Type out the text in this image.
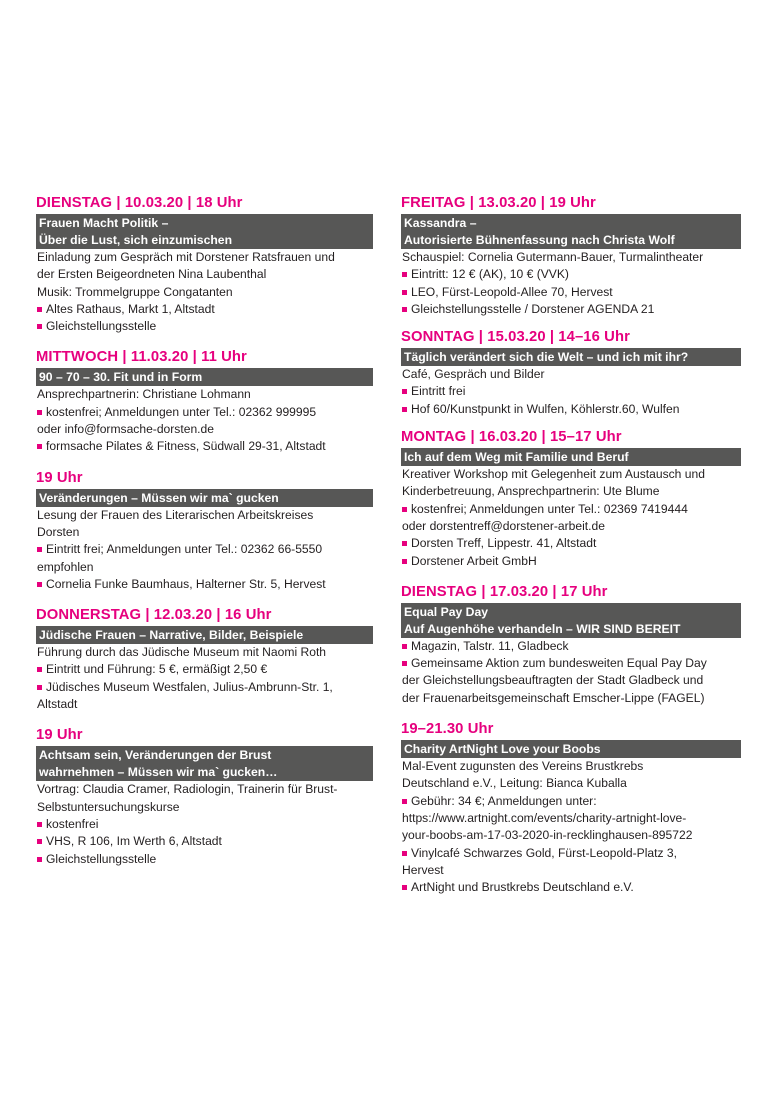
DIENSTAG | 10.03.20 | 18 Uhr
Frauen Macht Politik –
Über die Lust, sich einzumischen
Einladung zum Gespräch mit Dorstener Ratsfrauen und
der Ersten Beigeordneten Nina Laubenthal
Musik: Trommelgruppe Congatanten
Altes Rathaus, Markt 1, Altstadt
Gleichstellungsstelle
MITTWOCH | 11.03.20 | 11 Uhr
90 – 70 – 30. Fit und in Form
Ansprechpartnerin: Christiane Lohmann
kostenfrei; Anmeldungen unter Tel.: 02362 999995
oder info@formsache-dorsten.de
formsache Pilates & Fitness, Südwall 29-31, Altstadt
19 Uhr
Veränderungen – Müssen wir ma` gucken
Lesung der Frauen des Literarischen Arbeitskreises
Dorsten
Eintritt frei; Anmeldungen unter Tel.: 02362 66-5550
empfohlen
Cornelia Funke Baumhaus, Halterner Str. 5, Hervest
DONNERSTAG | 12.03.20 | 16 Uhr
Jüdische Frauen – Narrative, Bilder, Beispiele
Führung durch das Jüdische Museum mit Naomi Roth
Eintritt und Führung: 5 €, ermäßigt 2,50 €
Jüdisches Museum Westfalen, Julius-Ambrunn-Str. 1,
Altstadt
19 Uhr
Achtsam sein, Veränderungen der Brust
wahrnehmen – Müssen wir ma` gucken…
Vortrag: Claudia Cramer, Radiologin, Trainerin für Brust-
Selbstuntersuchungskurse
kostenfrei
VHS, R 106, Im Werth 6, Altstadt
Gleichstellungsstelle
FREITAG | 13.03.20 | 19 Uhr
Kassandra –
Autorisierte Bühnenfassung nach Christa Wolf
Schauspiel: Cornelia Gutermann-Bauer, Turmalintheater
Eintritt: 12 € (AK), 10 € (VVK)
LEO, Fürst-Leopold-Allee 70, Hervest
Gleichstellungsstelle / Dorstener AGENDA 21
SONNTAG | 15.03.20 | 14–16 Uhr
Täglich verändert sich die Welt – und ich mit ihr?
Café, Gespräch und Bilder
Eintritt frei
Hof 60/Kunstpunkt in Wulfen, Köhlerstr.60, Wulfen
MONTAG | 16.03.20 | 15–17 Uhr
Ich auf dem Weg mit Familie und Beruf
Kreativer Workshop mit Gelegenheit zum Austausch und
Kinderbetreuung, Ansprechpartnerin: Ute Blume
kostenfrei; Anmeldungen unter Tel.: 02369 7419444
oder dorstentreff@dorstener-arbeit.de
Dorsten Treff, Lippestr. 41, Altstadt
Dorstener Arbeit GmbH
DIENSTAG | 17.03.20 | 17 Uhr
Equal Pay Day
Auf Augenhöhe verhandeln – WIR SIND BEREIT
Magazin, Talstr. 11, Gladbeck
Gemeinsame Aktion zum bundesweiten Equal Pay Day
der Gleichstellungsbeauftragten der Stadt Gladbeck und
der Frauenarbeitsgemeinschaft Emscher-Lippe (FAGEL)
19–21.30 Uhr
Charity ArtNight Love your Boobs
Mal-Event zugunsten des Vereins Brustkrebs
Deutschland e.V., Leitung: Bianca Kuballa
Gebühr: 34 €; Anmeldungen unter:
https://www.artnight.com/events/charity-artnight-love-
your-boobs-am-17-03-2020-in-recklinghausen-895722
Vinylcafé Schwarzes Gold, Fürst-Leopold-Platz 3,
Hervest
ArtNight und Brustkrebs Deutschland e.V.
